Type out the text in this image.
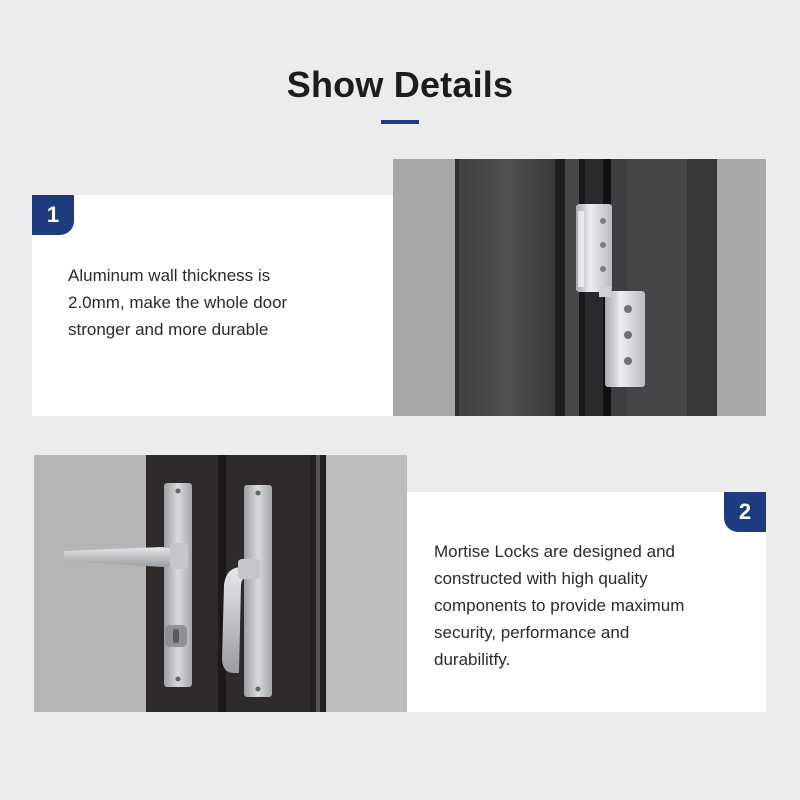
Show Details
1
Aluminum wall thickness is
2.0mm, make the whole door
stronger and more durable
2
Mortise Locks are designed and
constructed with high quality
components to provide maximum
security, performance and
durabilitfy.
